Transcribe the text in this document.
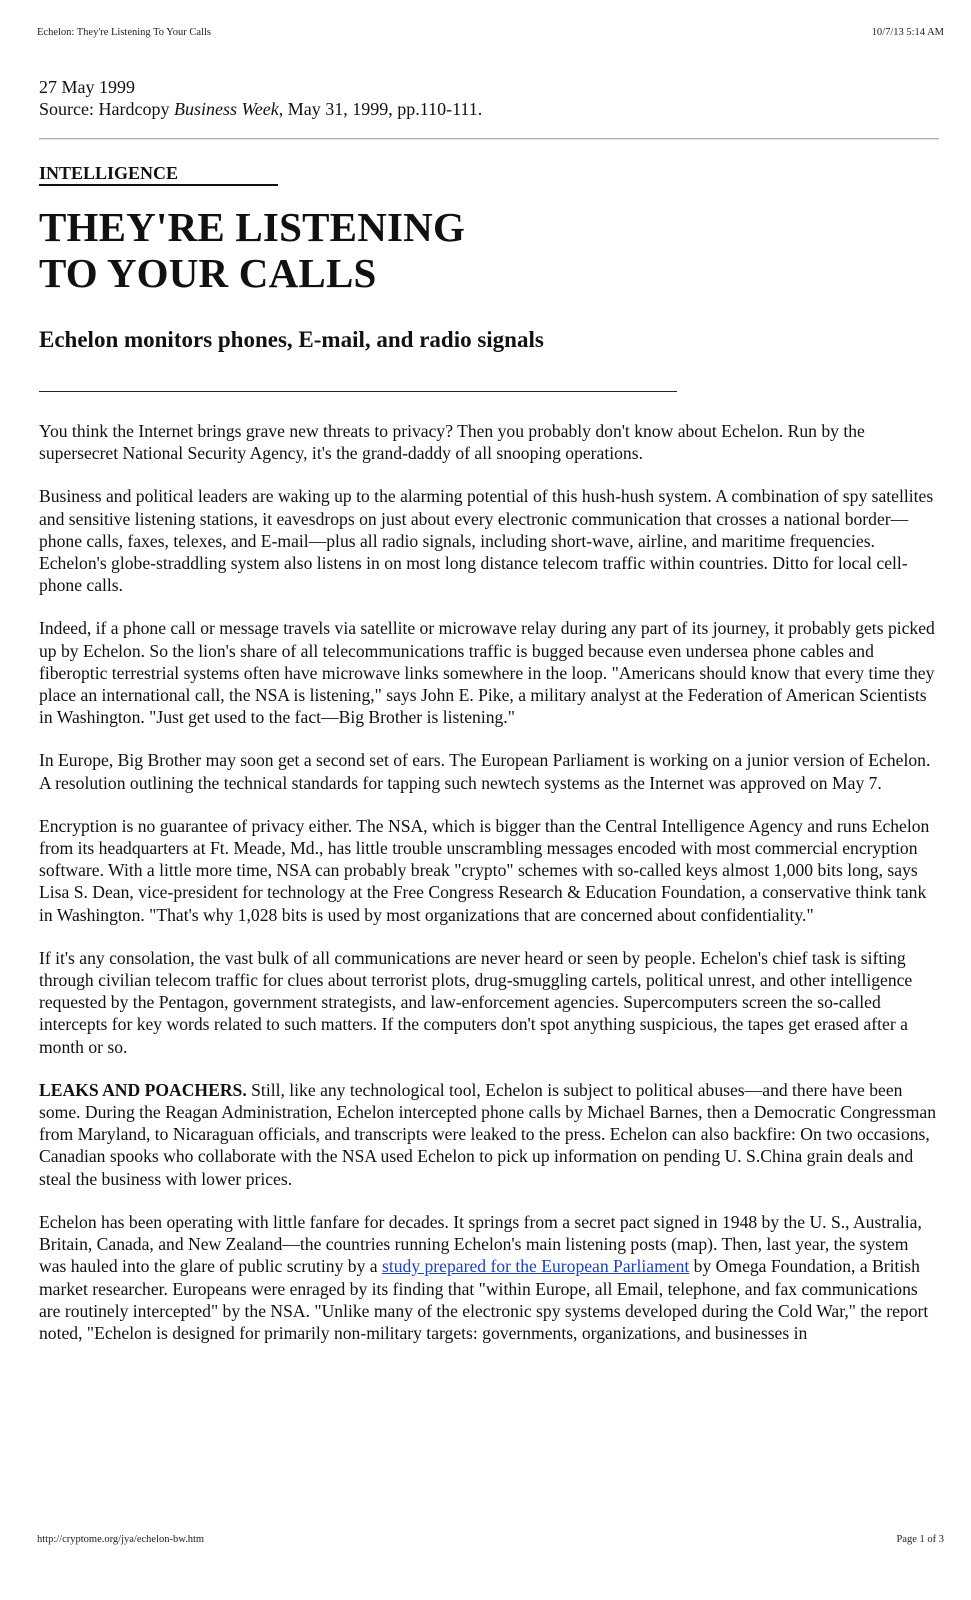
Echelon: They're Listening To Your Calls	10/7/13 5:14 AM
27 May 1999
Source: Hardcopy Business Week, May 31, 1999, pp.110-111.
INTELLIGENCE
THEY'RE LISTENING
TO YOUR CALLS
Echelon monitors phones, E-mail, and radio signals

You think the Internet brings grave new threats to privacy? Then you probably don't know about Echelon. Run by the supersecret National Security Agency, it's the grand-daddy of all snooping operations.

Business and political leaders are waking up to the alarming potential of this hush-hush system. A combination of spy satellites and sensitive listening stations, it eavesdrops on just about every electronic communication that crosses a national border—phone calls, faxes, telexes, and E-mail—plus all radio signals, including short-wave, airline, and maritime frequencies. Echelon's globe-straddling system also listens in on most long distance telecom traffic within countries. Ditto for local cell-phone calls.

Indeed, if a phone call or message travels via satellite or microwave relay during any part of its journey, it probably gets picked up by Echelon. So the lion's share of all telecommunications traffic is bugged because even undersea phone cables and fiberoptic terrestrial systems often have microwave links somewhere in the loop. "Americans should know that every time they place an international call, the NSA is listening," says John E. Pike, a military analyst at the Federation of American Scientists in Washington. "Just get used to the fact—Big Brother is listening."

In Europe, Big Brother may soon get a second set of ears. The European Parliament is working on a junior version of Echelon. A resolution outlining the technical standards for tapping such newtech systems as the Internet was approved on May 7.

Encryption is no guarantee of privacy either. The NSA, which is bigger than the Central Intelligence Agency and runs Echelon from its headquarters at Ft. Meade, Md., has little trouble unscrambling messages encoded with most commercial encryption software. With a little more time, NSA can probably break "crypto" schemes with so-called keys almost 1,000 bits long, says Lisa S. Dean, vice-president for technology at the Free Congress Research & Education Foundation, a conservative think tank in Washington. "That's why 1,028 bits is used by most organizations that are concerned about confidentiality."

If it's any consolation, the vast bulk of all communications are never heard or seen by people. Echelon's chief task is sifting through civilian telecom traffic for clues about terrorist plots, drug-smuggling cartels, political unrest, and other intelligence requested by the Pentagon, government strategists, and law-enforcement agencies. Supercomputers screen the so-called intercepts for key words related to such matters. If the computers don't spot anything suspicious, the tapes get erased after a month or so.

LEAKS AND POACHERS. Still, like any technological tool, Echelon is subject to political abuses—and there have been some. During the Reagan Administration, Echelon intercepted phone calls by Michael Barnes, then a Democratic Congressman from Maryland, to Nicaraguan officials, and transcripts were leaked to the press. Echelon can also backfire: On two occasions, Canadian spooks who collaborate with the NSA used Echelon to pick up information on pending U. S.China grain deals and steal the business with lower prices.

Echelon has been operating with little fanfare for decades. It springs from a secret pact signed in 1948 by the U. S., Australia, Britain, Canada, and New Zealand—the countries running Echelon's main listening posts (map). Then, last year, the system was hauled into the glare of public scrutiny by a study prepared for the European Parliament by Omega Foundation, a British market researcher. Europeans were enraged by its finding that "within Europe, all Email, telephone, and fax communications are routinely intercepted" by the NSA. "Unlike many of the electronic spy systems developed during the Cold War," the report noted, "Echelon is designed for primarily non-military targets: governments, organizations, and businesses in

http://cryptome.org/jya/echelon-bw.htm	Page 1 of 3
